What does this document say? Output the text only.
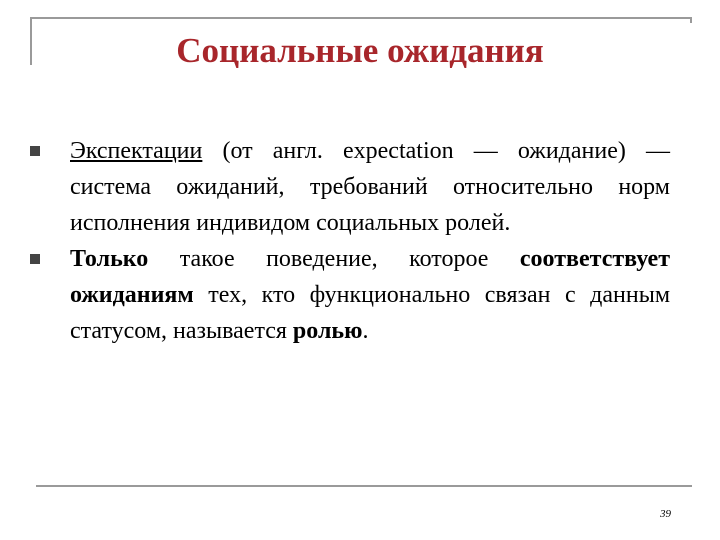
Социальные ожидания
Экспектации (от англ. expectation — ожидание) — система ожиданий, требований относительно норм исполнения индивидом социальных ролей.
Только такое поведение, которое соответствует ожиданиям тех, кто функционально связан с данным статусом, называется ролью.
39
